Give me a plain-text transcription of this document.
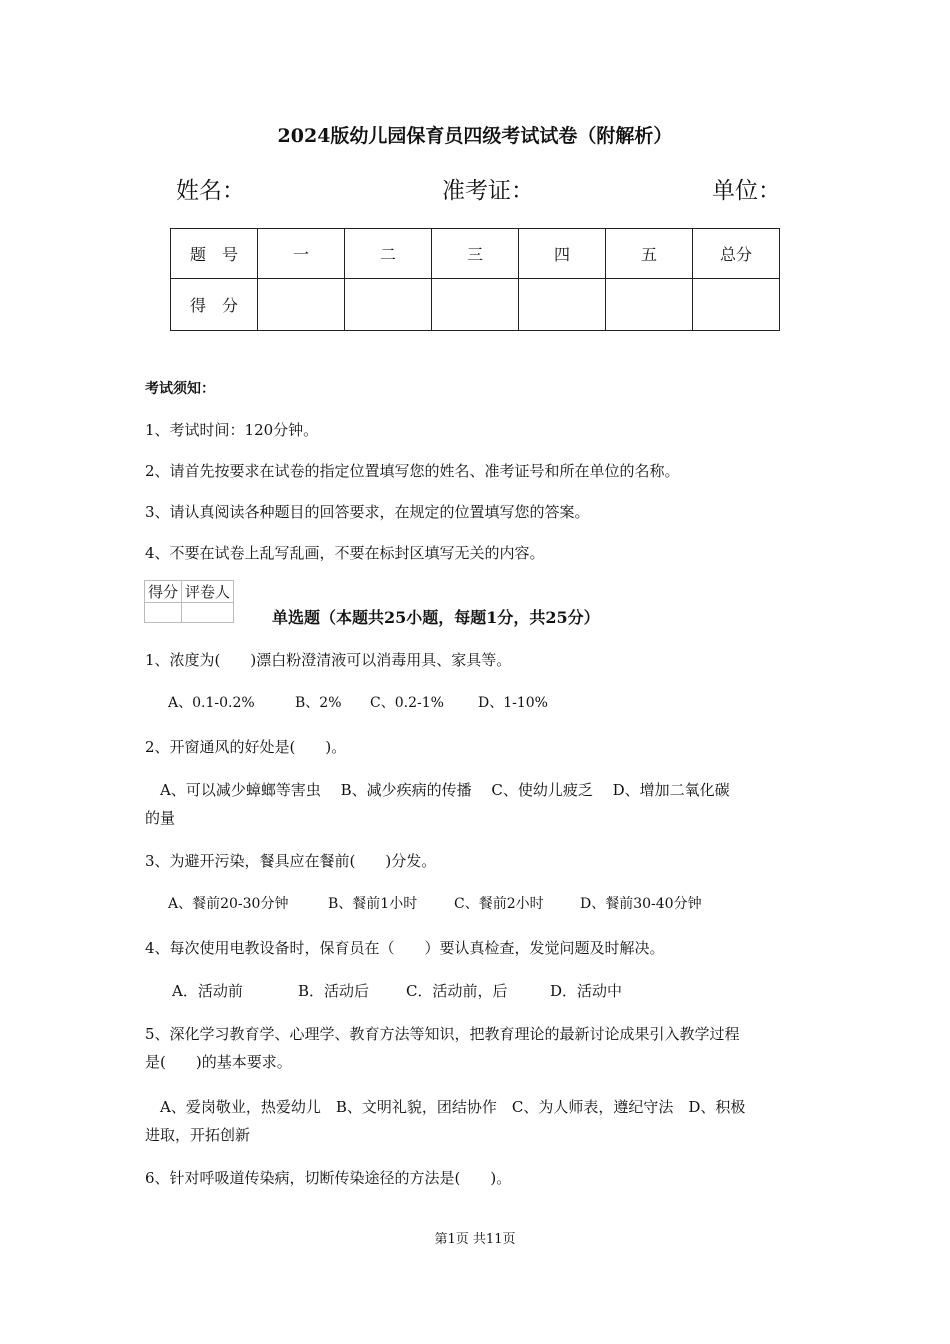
2024版幼儿园保育员四级考试试卷（附解析）
姓名：	准考证：	单位：
题　号	一	二	三	四	五	总分
得　分						
考试须知：
1、考试时间：120分钟。
2、请首先按要求在试卷的指定位置填写您的姓名、准考证号和所在单位的名称。
3、请认真阅读各种题目的回答要求，在规定的位置填写您的答案。
4、不要在试卷上乱写乱画，不要在标封区填写无关的内容。
得分	评卷人

单选题（本题共25小题，每题1分，共25分）
1、浓度为(　　)漂白粉澄清液可以消毒用具、家具等。
A、0.1-0.2%	B、2% C、0.2-1% D、1-10%
2、开窗通风的好处是(　　)。
　A、可以减少蟑螂等害虫　 B、减少疾病的传播　 C、使幼儿疲乏　 D、增加二氧化碳
的量
3、为避开污染，餐具应在餐前(　　)分发。
A、餐前20-30分钟	B、餐前1小时	C、餐前2小时	D、餐前30-40分钟
4、每次使用电教设备时，保育员在（　　）要认真检查，发觉问题及时解决。
A．活动前	B．活动后 C．活动前，后	D．活动中
5、深化学习教育学、心理学、教育方法等知识，把教育理论的最新讨论成果引入教学过程
是(　　)的基本要求。
　A、爱岗敬业，热爱幼儿　B、文明礼貌，团结协作　C、为人师表，遵纪守法　D、积极
进取，开拓创新
6、针对呼吸道传染病，切断传染途径的方法是(　　)。
第1页 共11页
